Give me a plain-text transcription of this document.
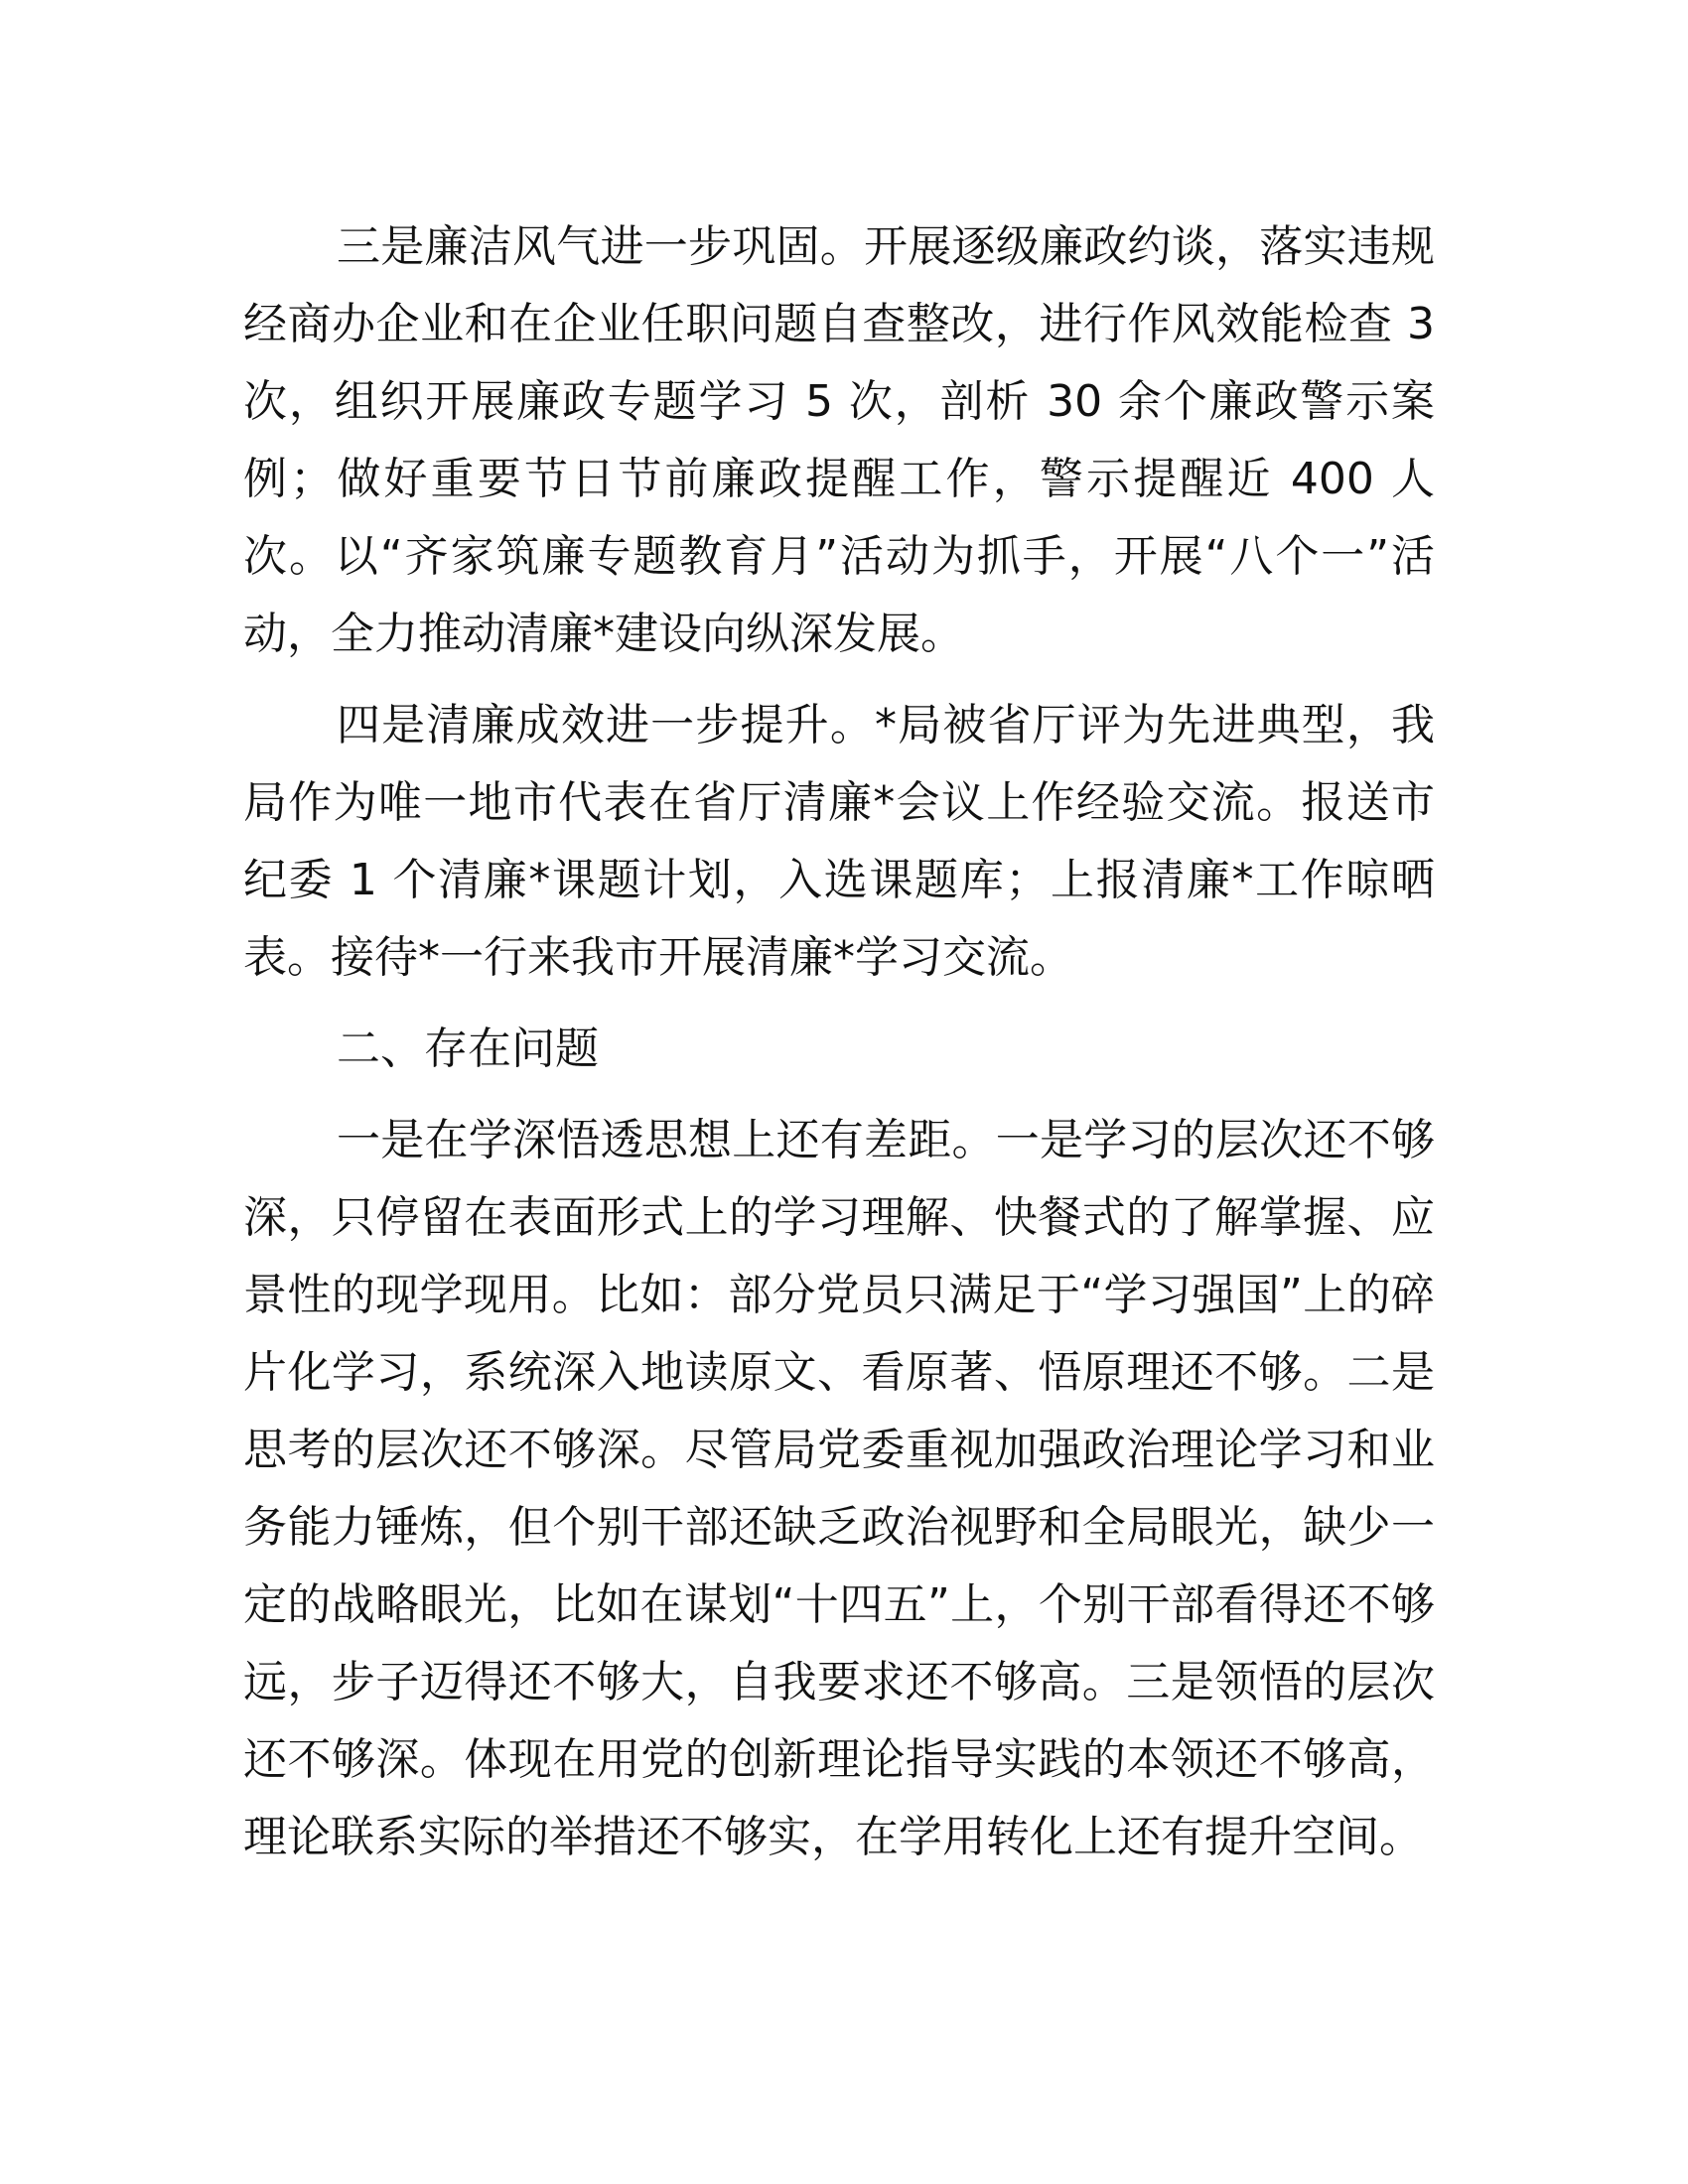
三是廉洁风气进一步巩固。开展逐级廉政约谈，落实违规经商办企业和在企业任职问题自查整改，进行作风效能检查 3 次，组织开展廉政专题学习 5 次，剖析 30 余个廉政警示案例；做好重要节日节前廉政提醒工作，警示提醒近 400 人次。以“齐家筑廉专题教育月”活动为抓手，开展“八个一”活动，全力推动清廉*建设向纵深发展。

四是清廉成效进一步提升。*局被省厅评为先进典型，我局作为唯一地市代表在省厅清廉*会议上作经验交流。报送市纪委 1 个清廉*课题计划，入选课题库；上报清廉*工作晾晒表。接待*一行来我市开展清廉*学习交流。

二、存在问题

一是在学深悟透思想上还有差距。一是学习的层次还不够深，只停留在表面形式上的学习理解、快餐式的了解掌握、应景性的现学现用。比如：部分党员只满足于“学习强国”上的碎片化学习，系统深入地读原文、看原著、悟原理还不够。二是思考的层次还不够深。尽管局党委重视加强政治理论学习和业务能力锤炼，但个别干部还缺乏政治视野和全局眼光，缺少一定的战略眼光，比如在谋划“十四五”上，个别干部看得还不够远，步子迈得还不够大，自我要求还不够高。三是领悟的层次还不够深。体现在用党的创新理论指导实践的本领还不够高，理论联系实际的举措还不够实，在学用转化上还有提升空间。
